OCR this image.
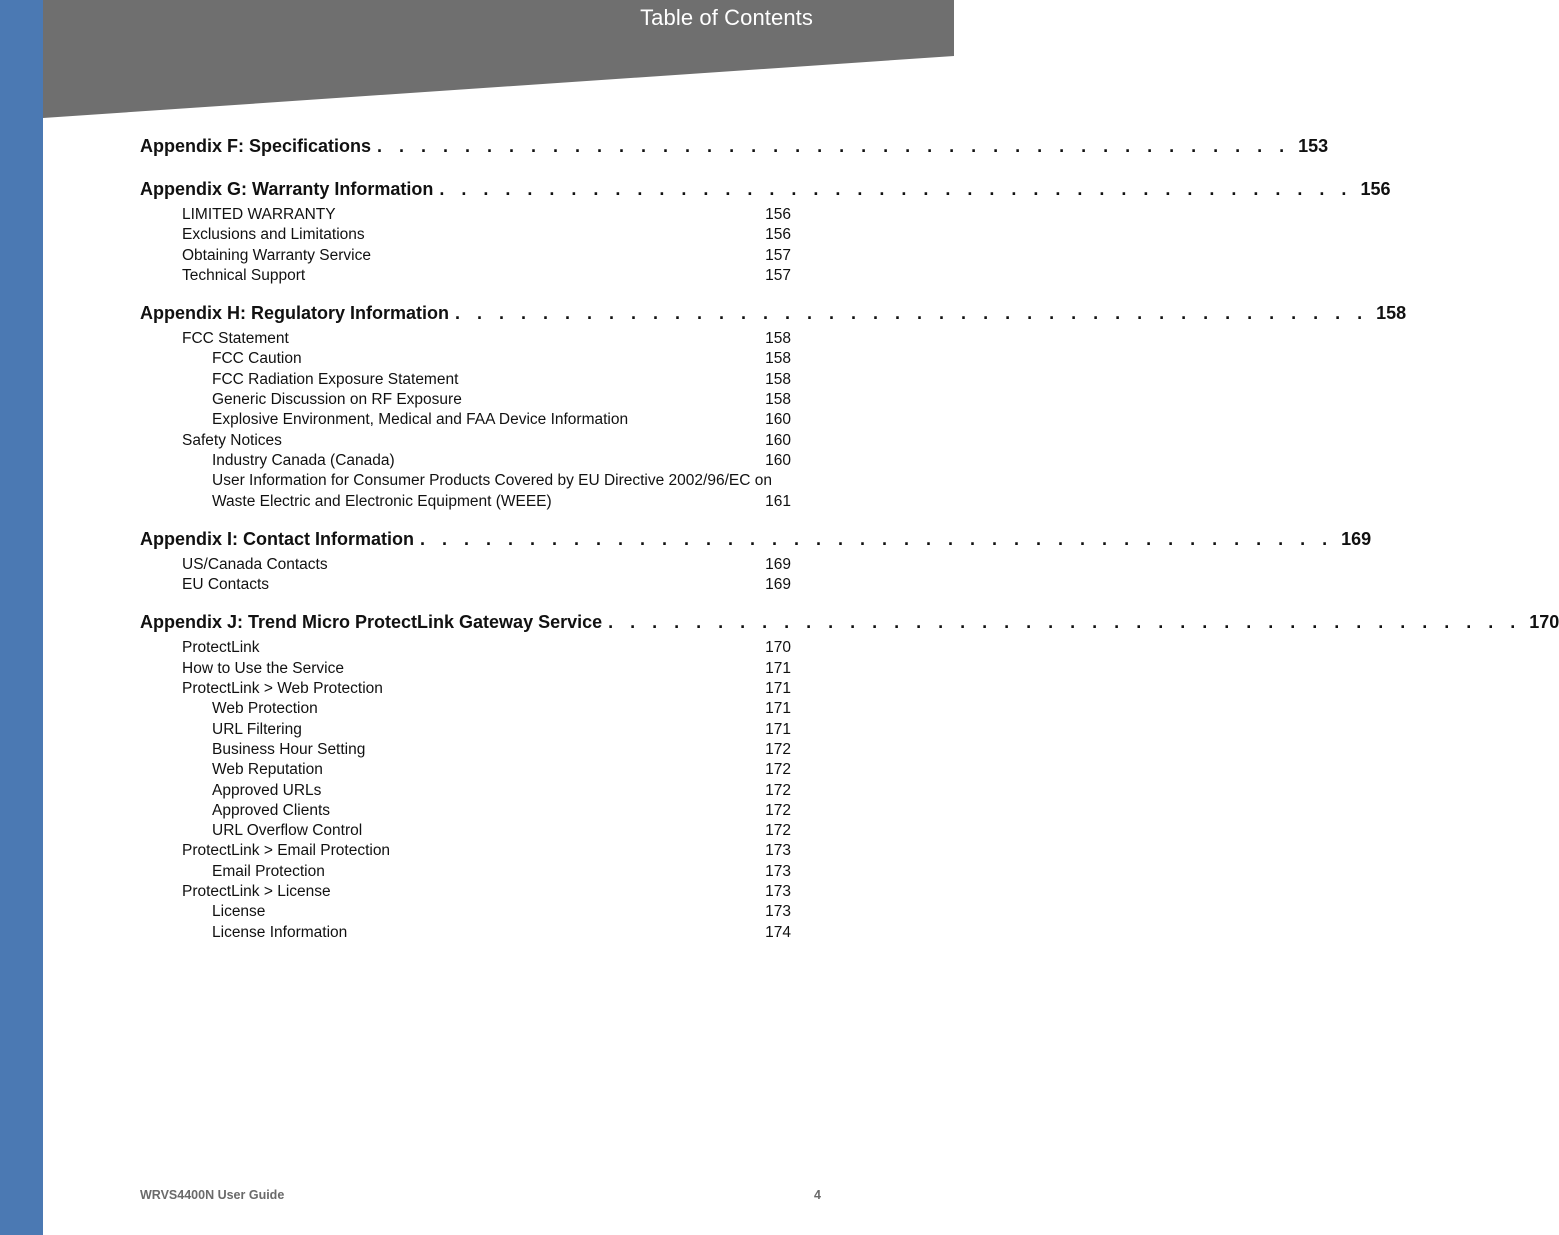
Table of Contents
Appendix F: Specifications . . . . . . . . . . . . . . . . . . . . . . . . . . . . . . . . . . . . . . . . . . 153
Appendix G: Warranty Information . . . . . . . . . . . . . . . . . . . . . . . . . . . . . . . . . . . . . . . . . . 156
LIMITED WARRANTY	156
Exclusions and Limitations	156
Obtaining Warranty Service	157
Technical Support	157
Appendix H: Regulatory Information . . . . . . . . . . . . . . . . . . . . . . . . . . . . . . . . . . . . . . . . . . 158
FCC Statement	158
FCC Caution	158
FCC Radiation Exposure Statement	158
Generic Discussion on RF Exposure	158
Explosive Environment, Medical and FAA Device Information	160
Safety Notices	160
Industry Canada (Canada)	160
User Information for Consumer Products Covered by EU Directive 2002/96/EC on
Waste Electric and Electronic Equipment (WEEE)	161
Appendix I: Contact Information . . . . . . . . . . . . . . . . . . . . . . . . . . . . . . . . . . . . . . . . . . 169
US/Canada Contacts	169
EU Contacts	169
Appendix J: Trend Micro ProtectLink Gateway Service . . . . . . . . . . . . . . . . . . . . . . . . . . . . . . . . . . . . . . . . . . 170
ProtectLink	170
How to Use the Service	171
ProtectLink > Web Protection	171
Web Protection	171
URL Filtering	171
Business Hour Setting	172
Web Reputation	172
Approved URLs	172
Approved Clients	172
URL Overflow Control	172
ProtectLink > Email Protection	173
Email Protection	173
ProtectLink > License	173
License	173
License Information	174
WRVS4400N User Guide	4
